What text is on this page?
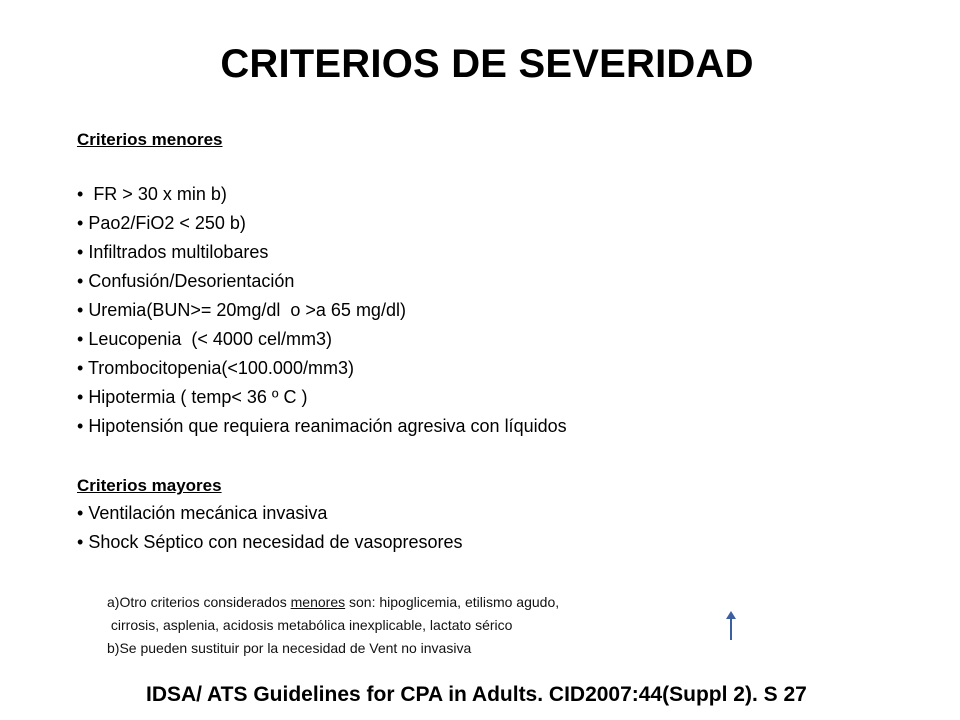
CRITERIOS DE SEVERIDAD
Criterios menores
•  FR > 30 x min b)
• Pao2/FiO2 < 250 b)
• Infiltrados multilobares
• Confusión/Desorientación
• Uremia(BUN>= 20mg/dl  o >a 65 mg/dl)
• Leucopenia  (< 4000 cel/mm3)
• Trombocitopenia(<100.000/mm3)
• Hipotermia ( temp< 36 º C )
• Hipotensión que requiera reanimación agresiva con líquidos
Criterios mayores
• Ventilación mecánica invasiva
• Shock Séptico con necesidad de vasopresores
a)Otro criterios considerados menores son: hipoglicemia, etilismo agudo,
cirrosis, asplenia, acidosis metabólica inexplicable, lactato sérico
b)Se pueden sustituir por la necesidad de Vent no invasiva
IDSA/ ATS Guidelines for CPA in Adults. CID2007:44(Suppl 2). S 27
